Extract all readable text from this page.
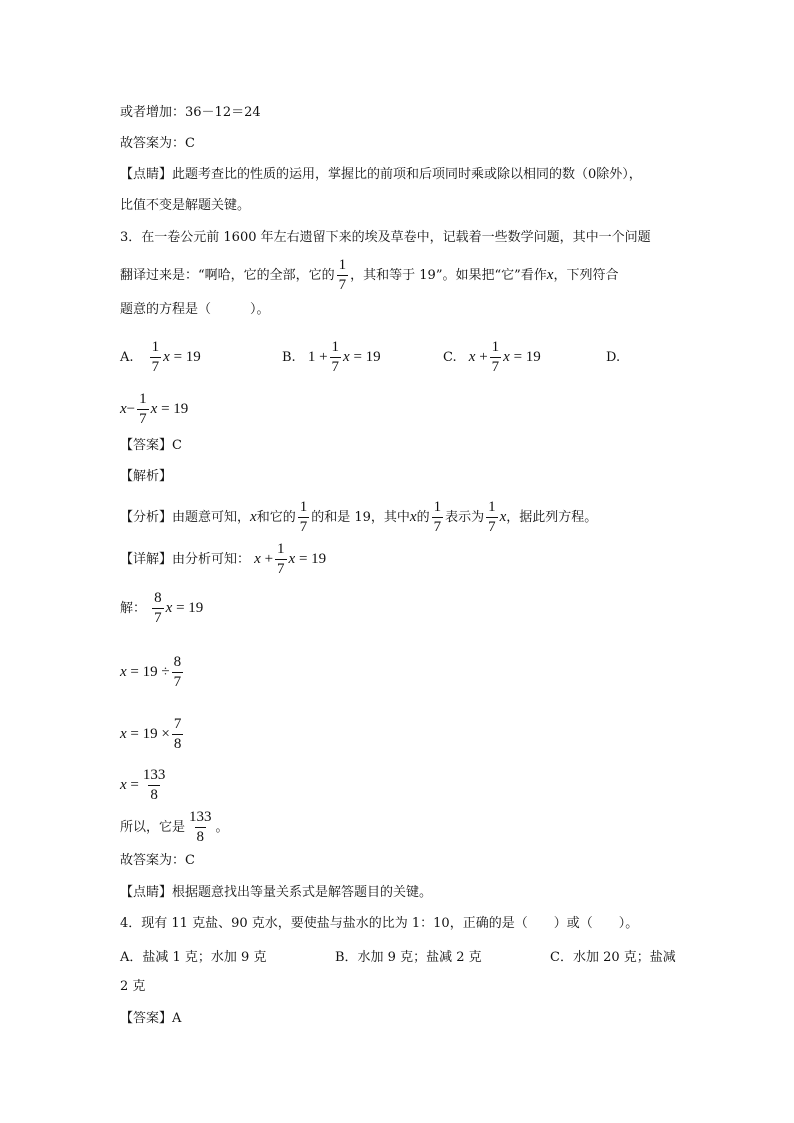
或者增加：36－12＝24
故答案为：C
【点睛】此题考查比的性质的运用，掌握比的前项和后项同时乘或除以相同的数（0除外），
比值不变是解题关键。
3．在一卷公元前 1600 年左右遗留下来的埃及草卷中，记载着一些数学问题，其中一个问题
翻译过来是：“啊哈，它的全部，它的 $\frac{1}{7}$ ，其和等于 19”。如果把“它”看作x，下列符合
题意的方程是（　　　）。
A. $\frac{1}{7}$ x = 19	B. $1 + \frac{1}{7}$ x = 19	C. $x + \frac{1}{7}$ x = 19	D.
$x- \frac{1}{7}$ x = 19
【答案】C
【解析】
【分析】由题意可知，x和它的 $\frac{1}{7}$ 的和是 19，其中x的 $\frac{1}{7}$ 表示为 $\frac{1}{7}$ x，据此列方程。
【详解】由分析可知： $x + \frac{1}{7}$ x = 19
解： $\frac{8}{7}$ x = 19
$x = 19 \div \frac{8}{7}$
$x = 19 \times \frac{7}{8}$
$x = \frac{133}{8}$
所以，它是 $\frac{133}{8}$ 。
故答案为：C
【点睛】根据题意找出等量关系式是解答题目的关键。
4．现有 11 克盐、90 克水，要使盐与盐水的比为 1：10，正确的是（　　）或（　　）。
A．盐减 1 克；水加 9 克	B．水加 9 克；盐减 2 克	C．水加 20 克；盐减
2 克
【答案】A
